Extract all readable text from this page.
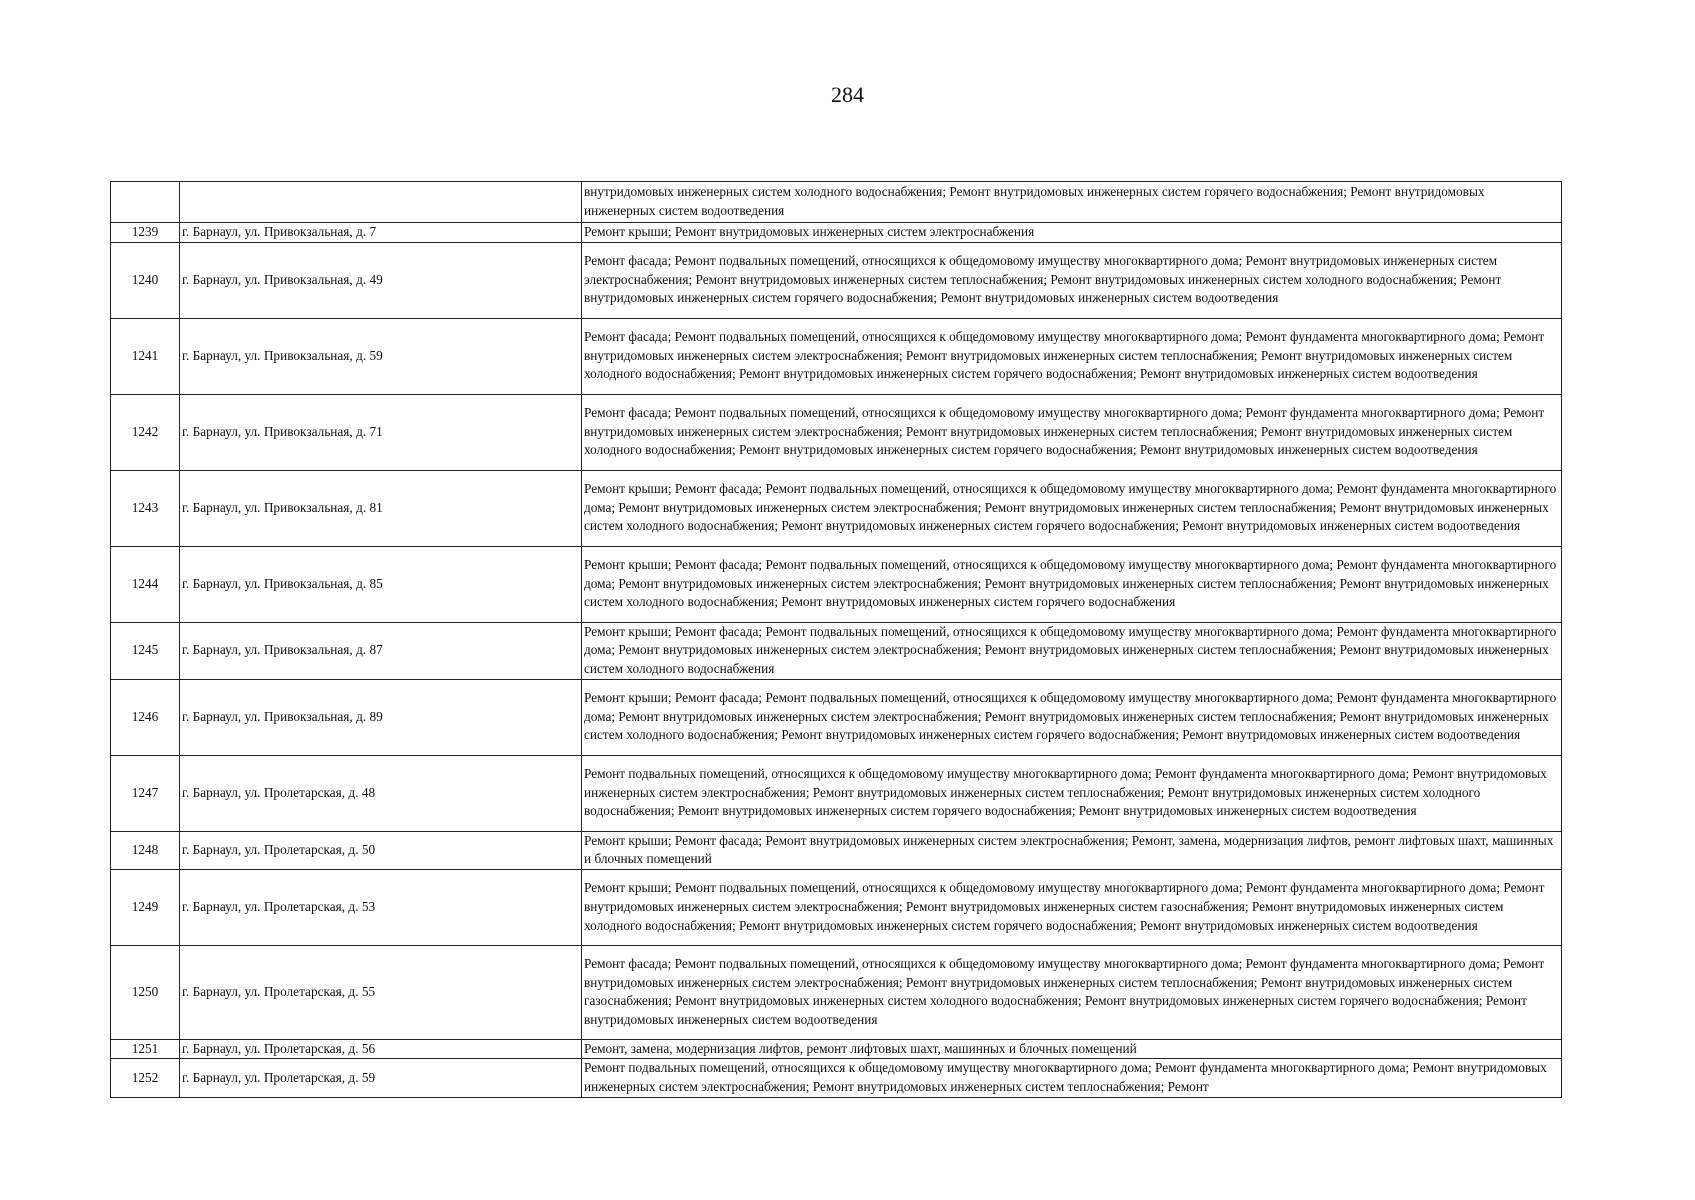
284
		внутридомовых инженерных систем холодного водоснабжения; Ремонт внутридомовых инженерных систем горячего водоснабжения; Ремонт внутридомовых инженерных систем водоотведения
1239	г. Барнаул, ул. Привокзальная, д. 7	Ремонт крыши; Ремонт внутридомовых инженерных систем электроснабжения
1240	г. Барнаул, ул. Привокзальная, д. 49	Ремонт фасада; Ремонт подвальных помещений, относящихся к общедомовому имуществу многоквартирного дома; Ремонт внутридомовых инженерных систем электроснабжения; Ремонт внутридомовых инженерных систем теплоснабжения; Ремонт внутридомовых инженерных систем холодного водоснабжения; Ремонт внутридомовых инженерных систем горячего водоснабжения; Ремонт внутридомовых инженерных систем водоотведения
1241	г. Барнаул, ул. Привокзальная, д. 59	Ремонт фасада; Ремонт подвальных помещений, относящихся к общедомовому имуществу многоквартирного дома; Ремонт фундамента многоквартирного дома; Ремонт внутридомовых инженерных систем электроснабжения; Ремонт внутридомовых инженерных систем теплоснабжения; Ремонт внутридомовых инженерных систем холодного водоснабжения; Ремонт внутридомовых инженерных систем горячего водоснабжения; Ремонт внутридомовых инженерных систем водоотведения
1242	г. Барнаул, ул. Привокзальная, д. 71	Ремонт фасада; Ремонт подвальных помещений, относящихся к общедомовому имуществу многоквартирного дома; Ремонт фундамента многоквартирного дома; Ремонт внутридомовых инженерных систем электроснабжения; Ремонт внутридомовых инженерных систем теплоснабжения; Ремонт внутридомовых инженерных систем холодного водоснабжения; Ремонт внутридомовых инженерных систем горячего водоснабжения; Ремонт внутридомовых инженерных систем водоотведения
1243	г. Барнаул, ул. Привокзальная, д. 81	Ремонт крыши; Ремонт фасада; Ремонт подвальных помещений, относящихся к общедомовому имуществу многоквартирного дома; Ремонт фундамента многоквартирного дома; Ремонт внутридомовых инженерных систем электроснабжения; Ремонт внутридомовых инженерных систем теплоснабжения; Ремонт внутридомовых инженерных систем холодного водоснабжения; Ремонт внутридомовых инженерных систем горячего водоснабжения; Ремонт внутридомовых инженерных систем водоотведения
1244	г. Барнаул, ул. Привокзальная, д. 85	Ремонт крыши; Ремонт фасада; Ремонт подвальных помещений, относящихся к общедомовому имуществу многоквартирного дома; Ремонт фундамента многоквартирного дома; Ремонт внутридомовых инженерных систем электроснабжения; Ремонт внутридомовых инженерных систем теплоснабжения; Ремонт внутридомовых инженерных систем холодного водоснабжения; Ремонт внутридомовых инженерных систем горячего водоснабжения
1245	г. Барнаул, ул. Привокзальная, д. 87	Ремонт крыши; Ремонт фасада; Ремонт подвальных помещений, относящихся к общедомовому имуществу многоквартирного дома; Ремонт фундамента многоквартирного дома; Ремонт внутридомовых инженерных систем электроснабжения; Ремонт внутридомовых инженерных систем теплоснабжения; Ремонт внутридомовых инженерных систем холодного водоснабжения
1246	г. Барнаул, ул. Привокзальная, д. 89	Ремонт крыши; Ремонт фасада; Ремонт подвальных помещений, относящихся к общедомовому имуществу многоквартирного дома; Ремонт фундамента многоквартирного дома; Ремонт внутридомовых инженерных систем электроснабжения; Ремонт внутридомовых инженерных систем теплоснабжения; Ремонт внутридомовых инженерных систем холодного водоснабжения; Ремонт внутридомовых инженерных систем горячего водоснабжения; Ремонт внутридомовых инженерных систем водоотведения
1247	г. Барнаул, ул. Пролетарская, д. 48	Ремонт подвальных помещений, относящихся к общедомовому имуществу многоквартирного дома; Ремонт фундамента многоквартирного дома; Ремонт внутридомовых инженерных систем электроснабжения; Ремонт внутридомовых инженерных систем теплоснабжения; Ремонт внутридомовых инженерных систем холодного водоснабжения; Ремонт внутридомовых инженерных систем горячего водоснабжения; Ремонт внутридомовых инженерных систем водоотведения
1248	г. Барнаул, ул. Пролетарская, д. 50	Ремонт крыши; Ремонт фасада; Ремонт внутридомовых инженерных систем электроснабжения; Ремонт, замена, модернизация лифтов, ремонт лифтовых шахт, машинных и блочных помещений
1249	г. Барнаул, ул. Пролетарская, д. 53	Ремонт крыши; Ремонт подвальных помещений, относящихся к общедомовому имуществу многоквартирного дома; Ремонт фундамента многоквартирного дома; Ремонт внутридомовых инженерных систем электроснабжения; Ремонт внутридомовых инженерных систем газоснабжения; Ремонт внутридомовых инженерных систем холодного водоснабжения; Ремонт внутридомовых инженерных систем горячего водоснабжения; Ремонт внутридомовых инженерных систем водоотведения
1250	г. Барнаул, ул. Пролетарская, д. 55	Ремонт фасада; Ремонт подвальных помещений, относящихся к общедомовому имуществу многоквартирного дома; Ремонт фундамента многоквартирного дома; Ремонт внутридомовых инженерных систем электроснабжения; Ремонт внутридомовых инженерных систем теплоснабжения; Ремонт внутридомовых инженерных систем газоснабжения; Ремонт внутридомовых инженерных систем холодного водоснабжения; Ремонт внутридомовых инженерных систем горячего водоснабжения; Ремонт внутридомовых инженерных систем водоотведения
1251	г. Барнаул, ул. Пролетарская, д. 56	Ремонт, замена, модернизация лифтов, ремонт лифтовых шахт, машинных и блочных помещений
1252	г. Барнаул, ул. Пролетарская, д. 59	Ремонт подвальных помещений, относящихся к общедомовому имуществу многоквартирного дома; Ремонт фундамента многоквартирного дома; Ремонт внутридомовых инженерных систем электроснабжения; Ремонт внутридомовых инженерных систем теплоснабжения; Ремонт
